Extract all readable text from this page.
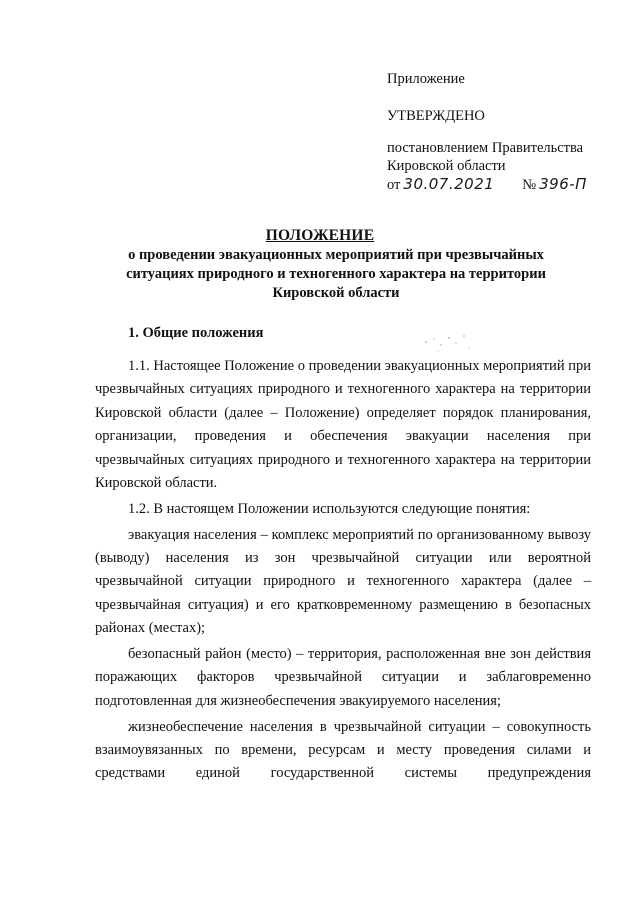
Приложение
УТВЕРЖДЕНО
постановлением Правительства
Кировской области
от 30.07.2021 № 396-П
ПОЛОЖЕНИЕ
о проведении эвакуационных мероприятий при чрезвычайных ситуациях природного и техногенного характера на территории Кировской области
1. Общие положения

1.1. Настоящее Положение о проведении эвакуационных мероприятий при чрезвычайных ситуациях природного и техногенного характера на территории Кировской области (далее – Положение) определяет порядок планирования, организации, проведения и обеспечения эвакуации населения при чрезвычайных ситуациях природного и техногенного характера на территории Кировской области.

1.2. В настоящем Положении используются следующие понятия:

эвакуация населения – комплекс мероприятий по организованному вывозу (выводу) населения из зон чрезвычайной ситуации или вероятной чрезвычайной ситуации природного и техногенного характера (далее – чрезвычайная ситуация) и его кратковременному размещению в безопасных районах (местах);

безопасный район (место) – территория, расположенная вне зон действия поражающих факторов чрезвычайной ситуации и заблаговременно подготовленная для жизнеобеспечения эвакуируемого населения;

жизнеобеспечение населения в чрезвычайной ситуации – совокупность взаимоувязанных по времени, ресурсам и месту проведения силами и средствами единой государственной системы предупреждения
